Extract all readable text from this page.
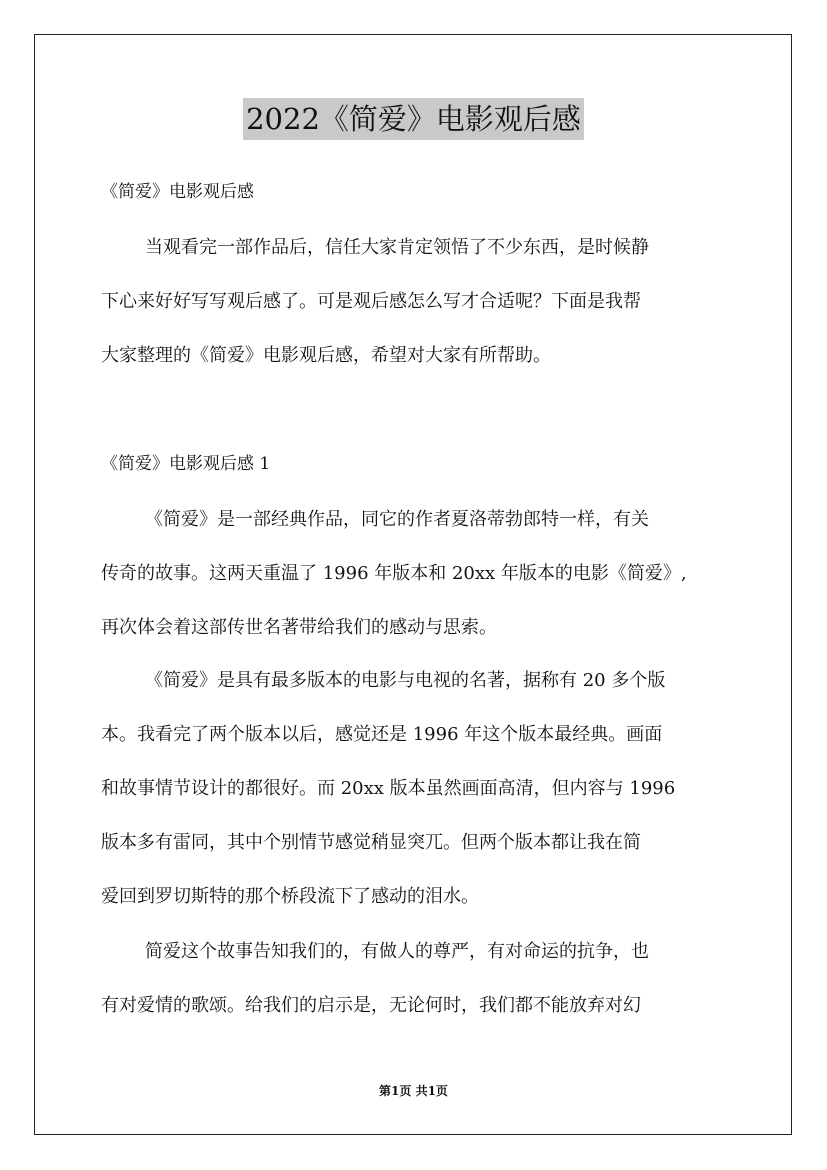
2022《简爱》电影观后感
《简爱》电影观后感
当观看完一部作品后，信任大家肯定领悟了不少东西，是时候静
下心来好好写写观后感了。可是观后感怎么写才合适呢？下面是我帮
大家整理的《简爱》电影观后感，希望对大家有所帮助。
《简爱》电影观后感 1
《简爱》是一部经典作品，同它的作者夏洛蒂勃郎特一样，有关
传奇的故事。这两天重温了 1996 年版本和 20xx 年版本的电影《简爱》,
再次体会着这部传世名著带给我们的感动与思索。
《简爱》是具有最多版本的电影与电视的名著，据称有 20 多个版
本。我看完了两个版本以后，感觉还是 1996 年这个版本最经典。画面
和故事情节设计的都很好。而 20xx 版本虽然画面高清，但内容与 1996
版本多有雷同，其中个别情节感觉稍显突兀。但两个版本都让我在简
爱回到罗切斯特的那个桥段流下了感动的泪水。
简爱这个故事告知我们的，有做人的尊严，有对命运的抗争，也
有对爱情的歌颂。给我们的启示是，无论何时，我们都不能放弃对幻
第1页 共1页
